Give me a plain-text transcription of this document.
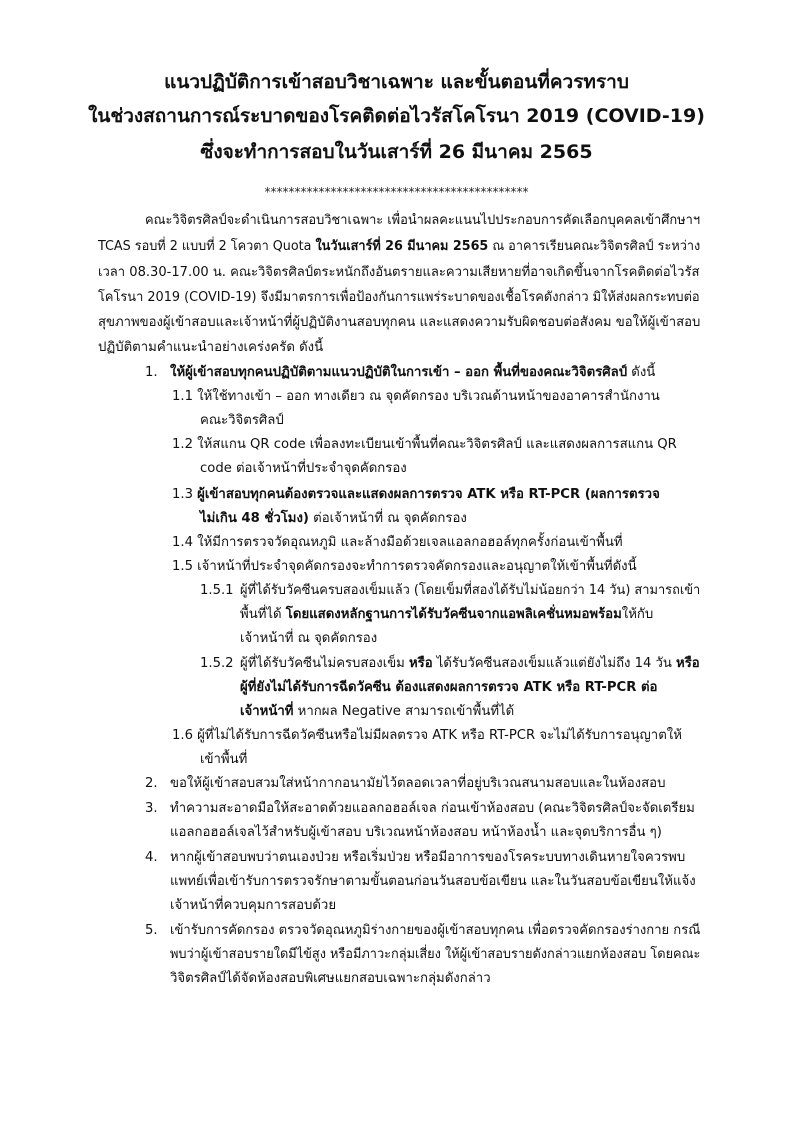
แนวปฏิบัติการเข้าสอบวิชาเฉพาะ และขั้นตอนที่ควรทราบ
ในช่วงสถานการณ์ระบาดของโรคติดต่อไวรัสโคโรนา 2019 (COVID-19)
ซึ่งจะทำการสอบในวันเสาร์ที่ 26 มีนาคม 2565
********************************************
คณะวิจิตรศิลป์จะดำเนินการสอบวิชาเฉพาะ เพื่อนำผลคะแนนไปประกอบการคัดเลือกบุคคลเข้าศึกษาฯ
TCAS รอบที่ 2 แบบที่ 2 โควตา Quota ในวันเสาร์ที่ 26 มีนาคม 2565 ณ อาคารเรียนคณะวิจิตรศิลป์ ระหว่าง
เวลา 08.30-17.00 น. คณะวิจิตรศิลป์ตระหนักถึงอันตรายและความเสียหายที่อาจเกิดขึ้นจากโรคติดต่อไวรัส
โคโรนา 2019 (COVID-19) จึงมีมาตรการเพื่อป้องกันการแพร่ระบาดของเชื้อโรคดังกล่าว มิให้ส่งผลกระทบต่อ
สุขภาพของผู้เข้าสอบและเจ้าหน้าที่ผู้ปฏิบัติงานสอบทุกคน และแสดงความรับผิดชอบต่อสังคม ขอให้ผู้เข้าสอบ
ปฏิบัติตามคำแนะนำอย่างเคร่งครัด ดังนี้
1. ให้ผู้เข้าสอบทุกคนปฏิบัติตามแนวปฏิบัติในการเข้า – ออก พื้นที่ของคณะวิจิตรศิลป์ ดังนี้
1.1 ให้ใช้ทางเข้า – ออก ทางเดียว ณ จุดคัดกรอง บริเวณด้านหน้าของอาคารสำนักงาน
คณะวิจิตรศิลป์
1.2 ให้สแกน QR code เพื่อลงทะเบียนเข้าพื้นที่คณะวิจิตรศิลป์ และแสดงผลการสแกน QR
code ต่อเจ้าหน้าที่ประจำจุดคัดกรอง
1.3 ผู้เข้าสอบทุกคนต้องตรวจและแสดงผลการตรวจ ATK หรือ RT-PCR (ผลการตรวจ
ไม่เกิน 48 ชั่วโมง) ต่อเจ้าหน้าที่ ณ จุดคัดกรอง
1.4 ให้มีการตรวจวัดอุณหภูมิ และล้างมือด้วยเจลแอลกอฮอล์ทุกครั้งก่อนเข้าพื้นที่
1.5 เจ้าหน้าที่ประจำจุดคัดกรองจะทำการตรวจคัดกรองและอนุญาตให้เข้าพื้นที่ดังนี้
1.5.1 ผู้ที่ได้รับวัคซีนครบสองเข็มแล้ว (โดยเข็มที่สองได้รับไม่น้อยกว่า 14 วัน) สามารถเข้า
พื้นที่ได้ โดยแสดงหลักฐานการได้รับวัคซีนจากแอพลิเคชั่นหมอพร้อมให้กับ
เจ้าหน้าที่ ณ จุดคัดกรอง
1.5.2 ผู้ที่ได้รับวัคซีนไม่ครบสองเข็ม หรือ ได้รับวัคซีนสองเข็มแล้วแต่ยังไม่ถึง 14 วัน หรือ
ผู้ที่ยังไม่ได้รับการฉีดวัคซีน ต้องแสดงผลการตรวจ ATK หรือ RT-PCR ต่อ
เจ้าหน้าที่ หากผล Negative สามารถเข้าพื้นที่ได้
1.6 ผู้ที่ไม่ได้รับการฉีดวัคซีนหรือไม่มีผลตรวจ ATK หรือ RT-PCR จะไม่ได้รับการอนุญาตให้
เข้าพื้นที่
2. ขอให้ผู้เข้าสอบสวมใส่หน้ากากอนามัยไว้ตลอดเวลาที่อยู่บริเวณสนามสอบและในห้องสอบ
3. ทำความสะอาดมือให้สะอาดด้วยแอลกอฮอล์เจล ก่อนเข้าห้องสอบ (คณะวิจิตรศิลป์จะจัดเตรียม
แอลกอฮอล์เจลไว้สำหรับผู้เข้าสอบ บริเวณหน้าห้องสอบ หน้าห้องน้ำ และจุดบริการอื่น ๆ)
4. หากผู้เข้าสอบพบว่าตนเองป่วย หรือเริ่มป่วย หรือมีอาการของโรคระบบทางเดินหายใจควรพบ
แพทย์เพื่อเข้ารับการตรวจรักษาตามขั้นตอนก่อนวันสอบข้อเขียน และในวันสอบข้อเขียนให้แจ้ง
เจ้าหน้าที่ควบคุมการสอบด้วย
5. เข้ารับการคัดกรอง ตรวจวัดอุณหภูมิร่างกายของผู้เข้าสอบทุกคน เพื่อตรวจคัดกรองร่างกาย กรณี
พบว่าผู้เข้าสอบรายใดมีไข้สูง หรือมีภาวะกลุ่มเสี่ยง ให้ผู้เข้าสอบรายดังกล่าวแยกห้องสอบ โดยคณะ
วิจิตรศิลป์ได้จัดห้องสอบพิเศษแยกสอบเฉพาะกลุ่มดังกล่าว
